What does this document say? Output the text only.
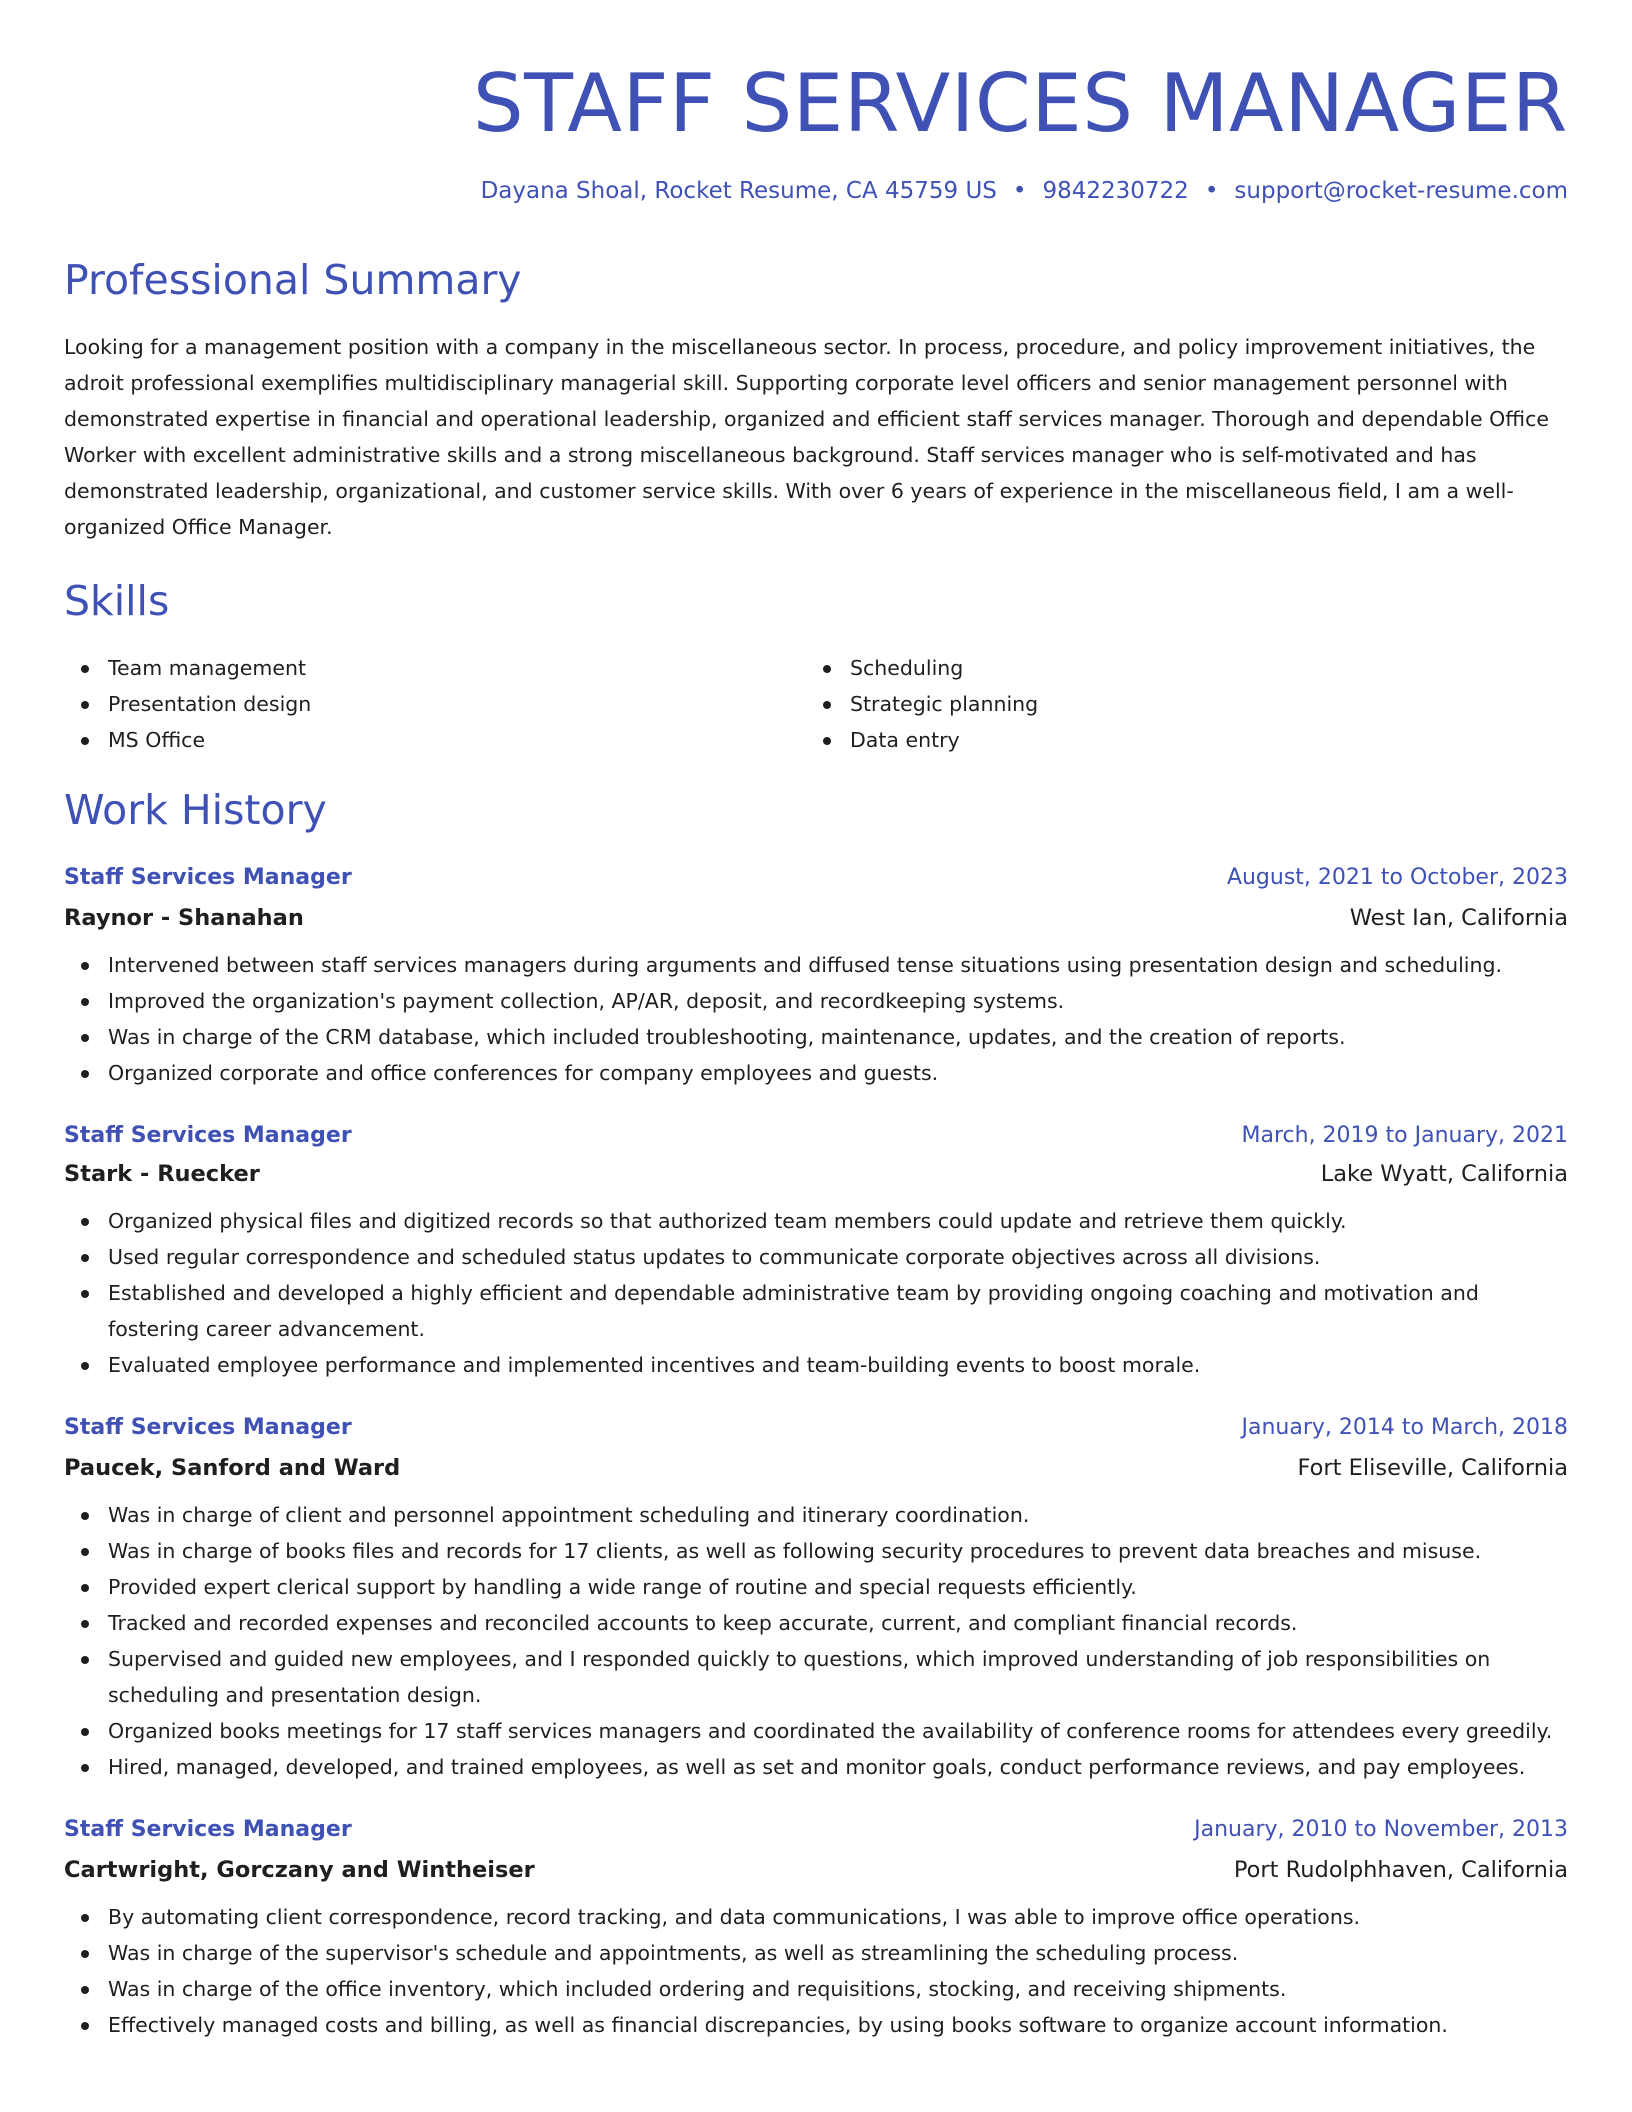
STAFF SERVICES MANAGER
Dayana Shoal, Rocket Resume, CA 45759 US • 9842230722 • support@rocket-resume.com
Professional Summary

Looking for a management position with a company in the miscellaneous sector. In process, procedure, and policy improvement initiatives, the adroit professional exemplifies multidisciplinary managerial skill. Supporting corporate level officers and senior management personnel with demonstrated expertise in financial and operational leadership, organized and efficient staff services manager. Thorough and dependable Office Worker with excellent administrative skills and a strong miscellaneous background. Staff services manager who is self-motivated and has demonstrated leadership, organizational, and customer service skills. With over 6 years of experience in the miscellaneous field, I am a well-organized Office Manager.

Skills
Team management
Presentation design
MS Office
Scheduling
Strategic planning
Data entry
Work History
Staff Services Manager	August, 2021 to October, 2023
Raynor - Shanahan	West Ian, California
Intervened between staff services managers during arguments and diffused tense situations using presentation design and scheduling.
Improved the organization's payment collection, AP/AR, deposit, and recordkeeping systems.
Was in charge of the CRM database, which included troubleshooting, maintenance, updates, and the creation of reports.
Organized corporate and office conferences for company employees and guests.
Staff Services Manager	March, 2019 to January, 2021
Stark - Ruecker	Lake Wyatt, California
Organized physical files and digitized records so that authorized team members could update and retrieve them quickly.
Used regular correspondence and scheduled status updates to communicate corporate objectives across all divisions.
Established and developed a highly efficient and dependable administrative team by providing ongoing coaching and motivation and fostering career advancement.
Evaluated employee performance and implemented incentives and team-building events to boost morale.
Staff Services Manager	January, 2014 to March, 2018
Paucek, Sanford and Ward	Fort Eliseville, California
Was in charge of client and personnel appointment scheduling and itinerary coordination.
Was in charge of books files and records for 17 clients, as well as following security procedures to prevent data breaches and misuse.
Provided expert clerical support by handling a wide range of routine and special requests efficiently.
Tracked and recorded expenses and reconciled accounts to keep accurate, current, and compliant financial records.
Supervised and guided new employees, and I responded quickly to questions, which improved understanding of job responsibilities on scheduling and presentation design.
Organized books meetings for 17 staff services managers and coordinated the availability of conference rooms for attendees every greedily.
Hired, managed, developed, and trained employees, as well as set and monitor goals, conduct performance reviews, and pay employees.
Staff Services Manager	January, 2010 to November, 2013
Cartwright, Gorczany and Wintheiser	Port Rudolphhaven, California
By automating client correspondence, record tracking, and data communications, I was able to improve office operations.
Was in charge of the supervisor's schedule and appointments, as well as streamlining the scheduling process.
Was in charge of the office inventory, which included ordering and requisitions, stocking, and receiving shipments.
Effectively managed costs and billing, as well as financial discrepancies, by using books software to organize account information.
